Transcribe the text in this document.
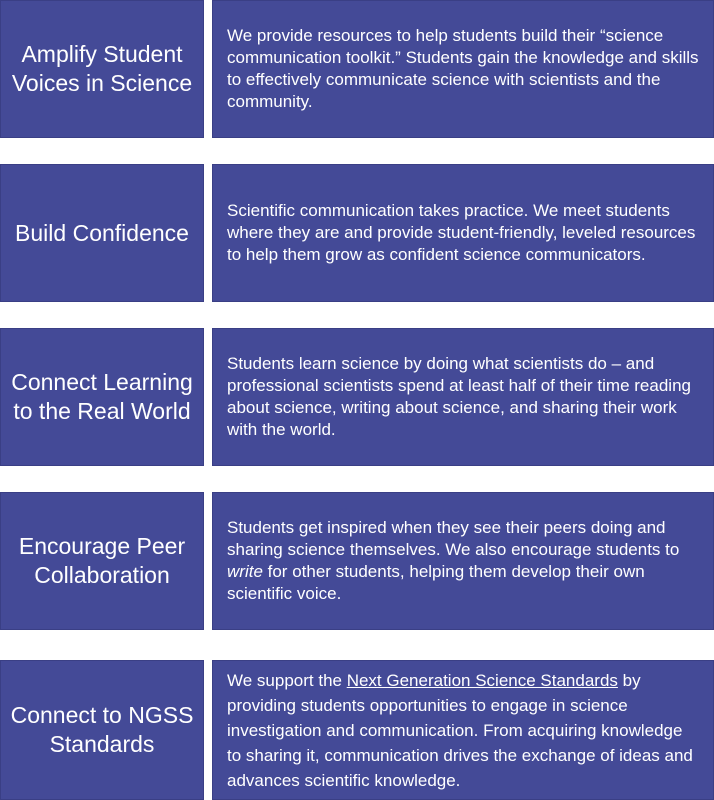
Amplify Student Voices in Science

We provide resources to help students build their “science communication toolkit.” Students gain the knowledge and skills to effectively communicate science with scientists and the community.

Build Confidence

Scientific communication takes practice. We meet students where they are and provide student-friendly, leveled resources to help them grow as confident science communicators.

Connect Learning to the Real World

Students learn science by doing what scientists do – and professional scientists spend at least half of their time reading about science, writing about science, and sharing their work with the world.

Encourage Peer Collaboration

Students get inspired when they see their peers doing and sharing science themselves. We also encourage students to write for other students, helping them develop their own scientific voice.

Connect to NGSS Standards

We support the Next Generation Science Standards by providing students opportunities to engage in science investigation and communication. From acquiring knowledge to sharing it, communication drives the exchange of ideas and advances scientific knowledge.
